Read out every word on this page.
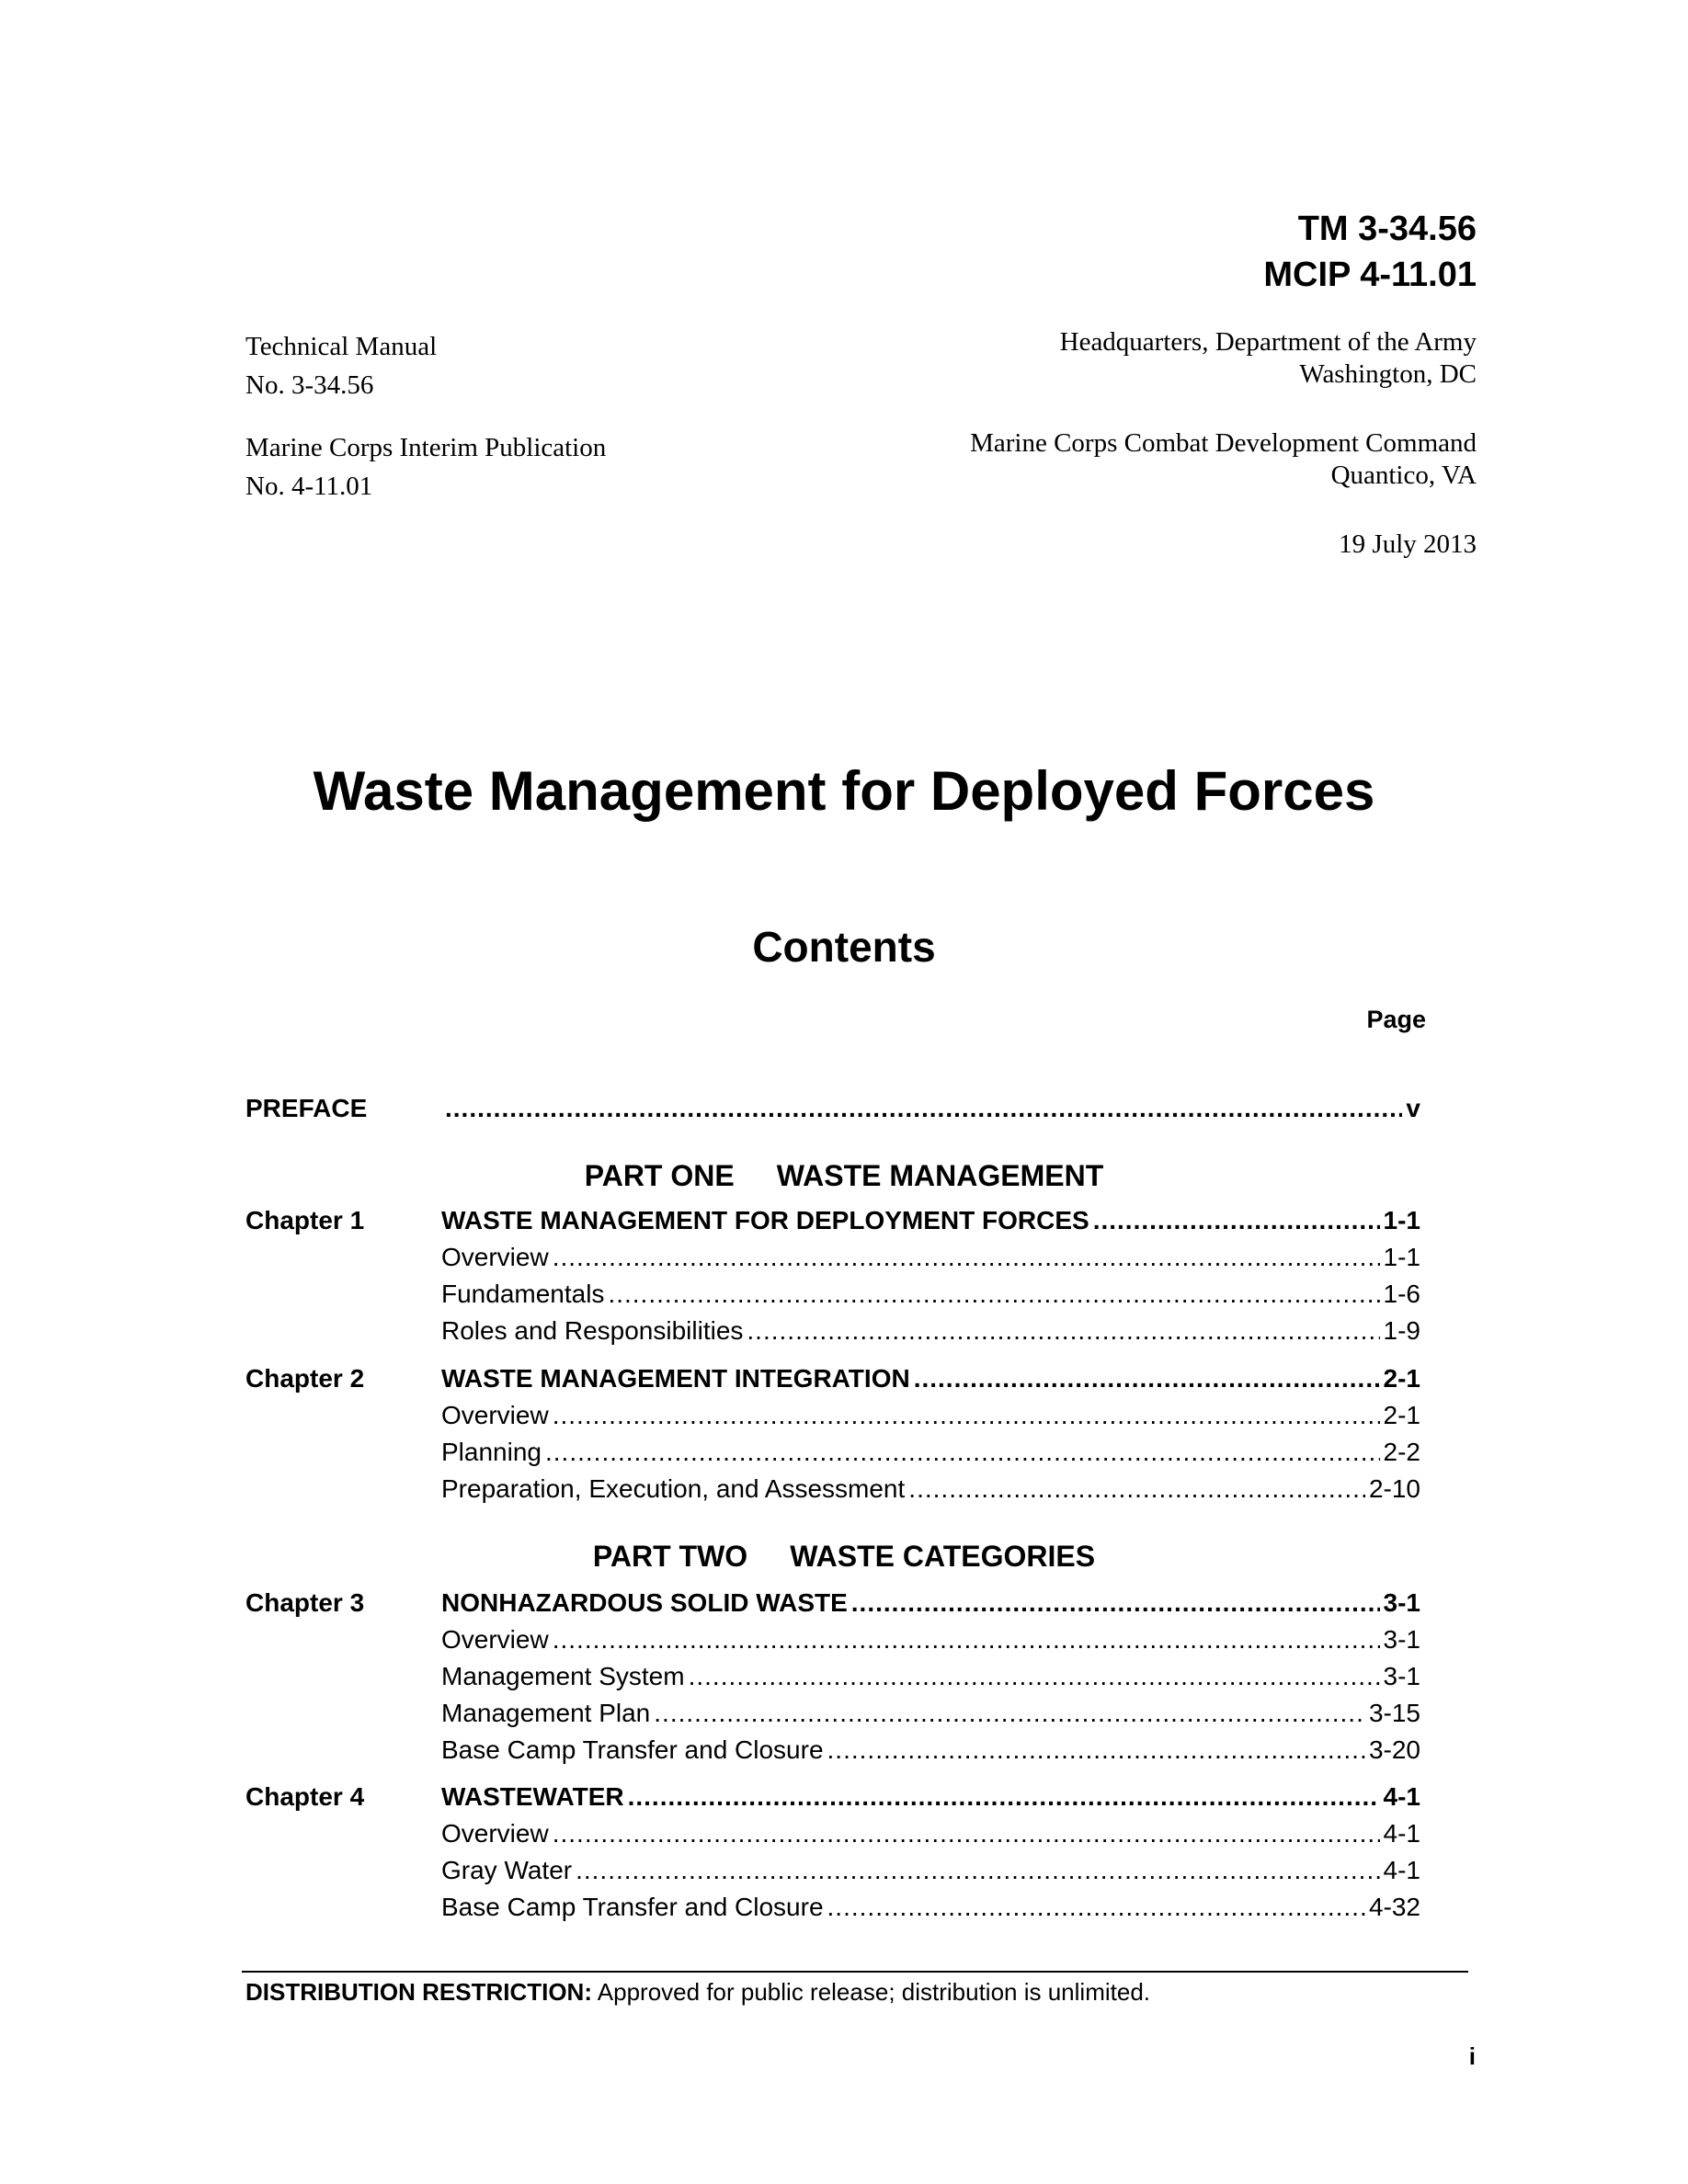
TM 3-34.56
MCIP 4-11.01
Technical Manual
No. 3-34.56
Marine Corps Interim Publication
No. 4-11.01
Headquarters, Department of the Army
Washington, DC
Marine Corps Combat Development Command
Quantico, VA
19 July 2013
Waste Management for Deployed Forces
Contents
Page
PREFACE .....	v
PART ONE WASTE MANAGEMENT
Chapter 1	WASTE MANAGEMENT FOR DEPLOYMENT FORCES .....	1-1
Overview .....	1-1
Fundamentals .....	1-6
Roles and Responsibilities .....	1-9
Chapter 2	WASTE MANAGEMENT INTEGRATION .....	2-1
Overview .....	2-1
Planning .....	2-2
Preparation, Execution, and Assessment .....	2-10
PART TWO WASTE CATEGORIES
Chapter 3	NONHAZARDOUS SOLID WASTE .....	3-1
Overview .....	3-1
Management System .....	3-1
Management Plan .....	3-15
Base Camp Transfer and Closure .....	3-20
Chapter 4	WASTEWATER .....	4-1
Overview .....	4-1
Gray Water .....	4-1
Base Camp Transfer and Closure .....	4-32
DISTRIBUTION RESTRICTION: Approved for public release; distribution is unlimited.
i
